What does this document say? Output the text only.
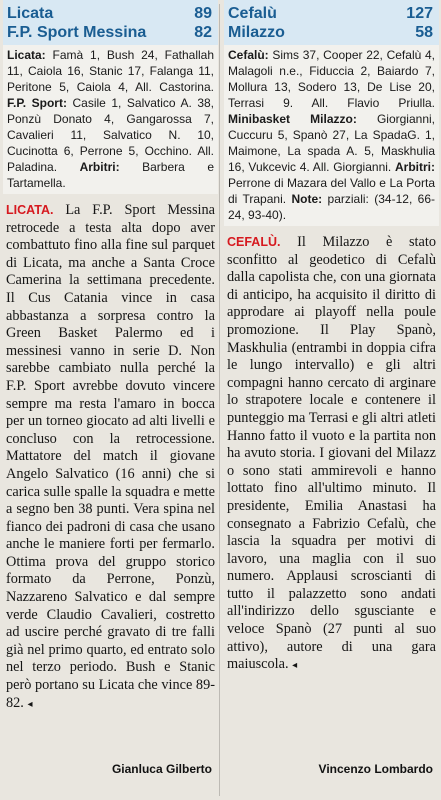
Licata	89
F.P. Sport Messina	82
Licata: Famà 1, Bush 24, Fathallah 11, Caiola 16, Stanic 17, Falanga 11, Peritone 5, Caiola 4, All. Castorina. F.P. Sport: Casile 1, Salvatico A. 38, Ponzù Donato 4, Gangarossa 7, Cavalieri 11, Salvatico N. 10, Cucinotta 6, Perrone 5, Occhino. All. Paladina. Arbitri: Barbera e Tartamella.
LICATA. La F.P. Sport Messina retrocede a testa alta dopo aver combattuto fino alla fine sul parquet di Licata, ma anche a Santa Croce Camerina la settimana precedente. Il Cus Catania vince in casa abbastanza a sorpresa contro la Green Basket Palermo ed i messinesi vanno in serie D. Non sarebbe cambiato nulla perché la F.P. Sport avrebbe dovuto vincere sempre ma resta l'amaro in bocca per un torneo giocato ad alti livelli e concluso con la retrocessione. Mattatore del match il giovane Angelo Salvatico (16 anni) che si carica sulle spalle la squadra e mette a segno ben 38 punti. Vera spina nel fianco dei padroni di casa che usano anche le maniere forti per fermarlo. Ottima prova del gruppo storico formato da Perrone, Ponzù, Nazzareno Salvatico e dal sempre verde Claudio Cavalieri, costretto ad uscire perché gravato di tre falli già nel primo quarto, ed entrato solo nel terzo periodo. Bush e Stanic però portano su Licata che vince 89-82. ◂
Gianluca Gilberto
Cefalù	127
Milazzo	58
Cefalù: Sims 37, Cooper 22, Cefalù 4, Malagoli n.e., Fiduccia 2, Baiardo 7, Mollura 13, Sodero 13, De Lise 20, Terrasi 9. All. Flavio Priulla. Minibasket Milazzo: Giorgianni, Cuccuru 5, Spanò 27, La SpadaG. 1, Maimone, La spada A. 5, Maskhulia 16, Vukcevic 4. All. Giorgianni. Arbitri: Perrone di Mazara del Vallo e La Porta di Trapani. Note: parziali: (34-12, 66-24, 93-40).
CEFALÙ. Il Milazzo è stato sconfitto al geodetico di Cefalù dalla capolista che, con una giornata di anticipo, ha acquisito il diritto di approdare ai playoff nella poule promozione. Il Play Spanò, Maskhulia (entrambi in doppia cifra le lungo intervallo) e gli altri compagni hanno cercato di arginare lo strapotere locale e contenere il punteggio ma Terrasi e gli altri atleti Hanno fatto il vuoto e la partita non ha avuto storia. I giovani del Milazz o sono stati ammirevoli e hanno lottato fino all'ultimo minuto. Il presidente, Emilia Anastasi ha consegnato a Fabrizio Cefalù, che lascia la squadra per motivi di lavoro, una maglia con il suo numero. Applausi scroscianti di tutto il palazzetto sono andati all'indirizzo dello sgusciante e veloce Spanò (27 punti al suo attivo), autore di una gara maiuscola. ◂
Vincenzo Lombardo
